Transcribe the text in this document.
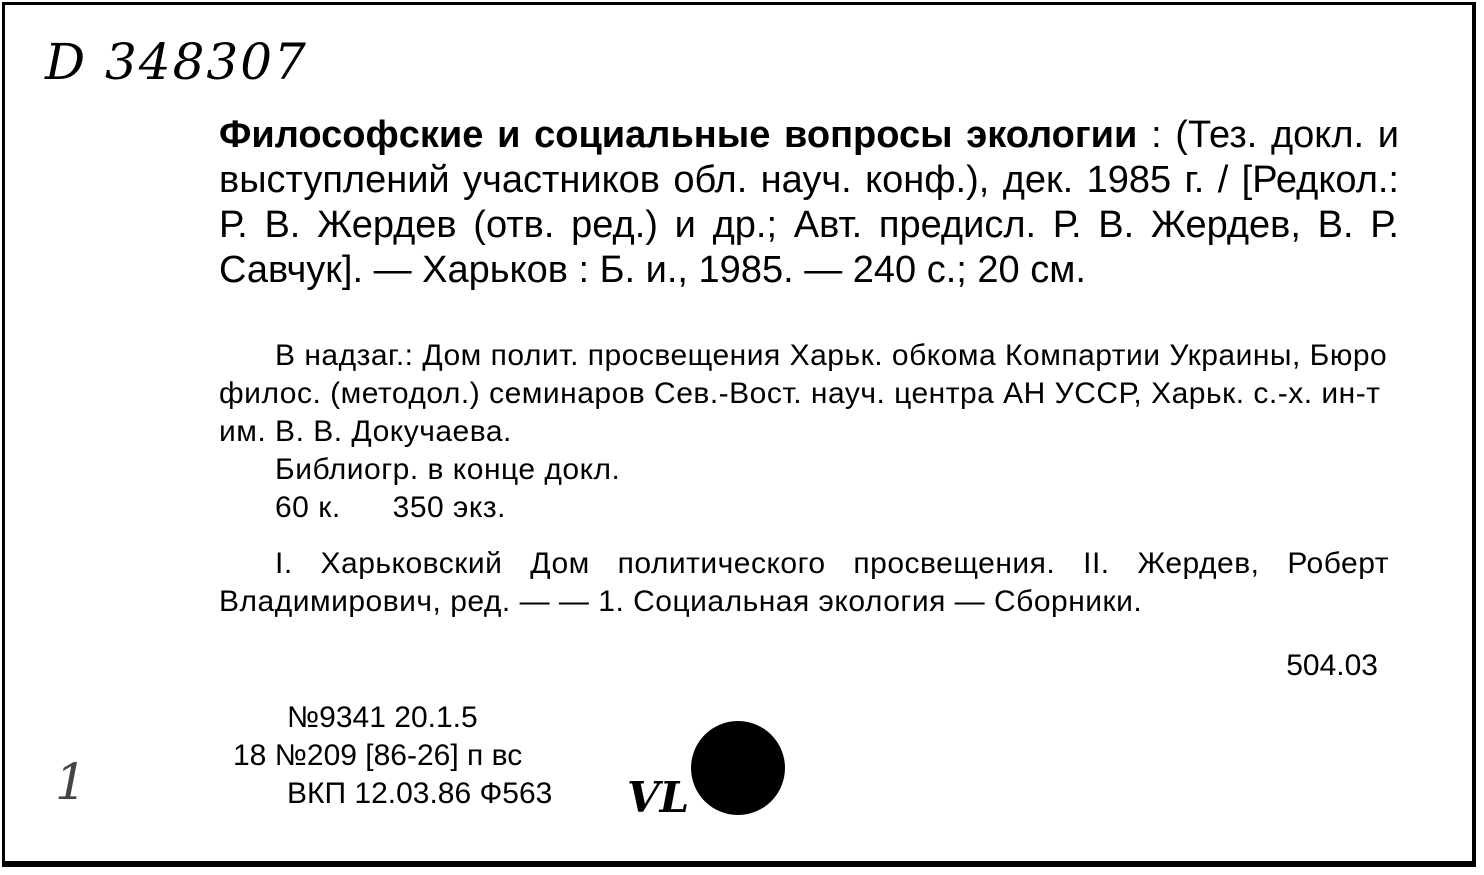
D 348307
Философские и социальные вопросы экологии : (Тез. докл. и выступлений участников обл. науч. конф.), дек. 1985 г. / [Редкол.: Р. В. Жердев (отв. ред.) и др.; Авт. предисл. Р. В. Жердев, В. Р. Савчук]. — Харьков : Б. и., 1985. — 240 с.; 20 см.
В надзаг.: Дом полит. просвещения Харьк. обкома Компартии Украины, Бюро филос. (методол.) семинаров Сев.-Вост. науч. центра АН УССР, Харьк. с.-х. ин-т им. В. В. Докучаева.
Библиогр. в конце докл.
60 к. 350 экз.
I. Харьковский Дом политического просвещения. II. Жердев, Роберт Владимирович, ред. — — 1. Социальная экология — Сборники.
504.03
№9341 20.1.5
18 №209 [86-26] п вс
ВКП 12.03.86 Ф563
1	VL
